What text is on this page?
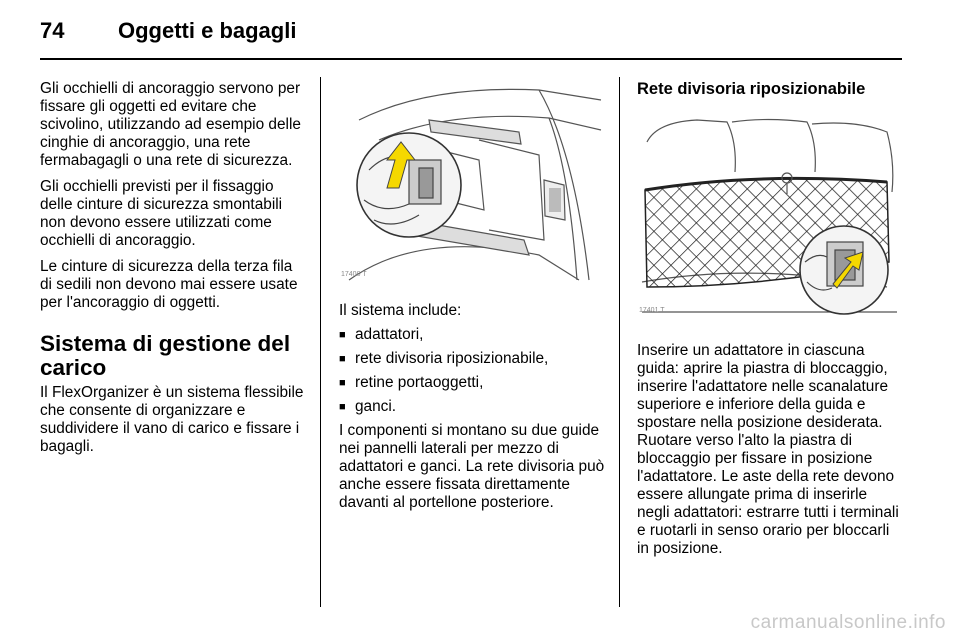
74 Oggetti e bagagli

Gli occhielli di ancoraggio servono per fissare gli oggetti ed evitare che scivolino, utilizzando ad esempio delle cinghie di ancoraggio, una rete fermabagagli o una rete di sicurezza.

Gli occhielli previsti per il fissaggio delle cinture di sicurezza smontabili non devono essere utilizzati come occhielli di ancoraggio.

Le cinture di sicurezza della terza fila di sedili non devono mai essere usate per l'ancoraggio di oggetti.

Sistema di gestione del carico

Il FlexOrganizer è un sistema flessibile che consente di organizzare e suddividere il vano di carico e fissare i bagagli.

17400 T

Il sistema include:

■ adattatori,
■ rete divisoria riposizionabile,
■ retine portaoggetti,
■ ganci.

I componenti si montano su due guide nei pannelli laterali per mezzo di adattatori e ganci. La rete divisoria può anche essere fissata direttamente davanti al portellone posteriore.

Rete divisoria riposizionabile
17401 T

Inserire un adattatore in ciascuna guida: aprire la piastra di bloccaggio, inserire l'adattatore nelle scanalature superiore e inferiore della guida e spostare nella posizione desiderata. Ruotare verso l'alto la piastra di bloccaggio per fissare in posizione l'adattatore. Le aste della rete devono essere allungate prima di inserirle negli adattatori: estrarre tutti i terminali e ruotarli in senso orario per bloccarli in posizione.

carmanualsonline.info
